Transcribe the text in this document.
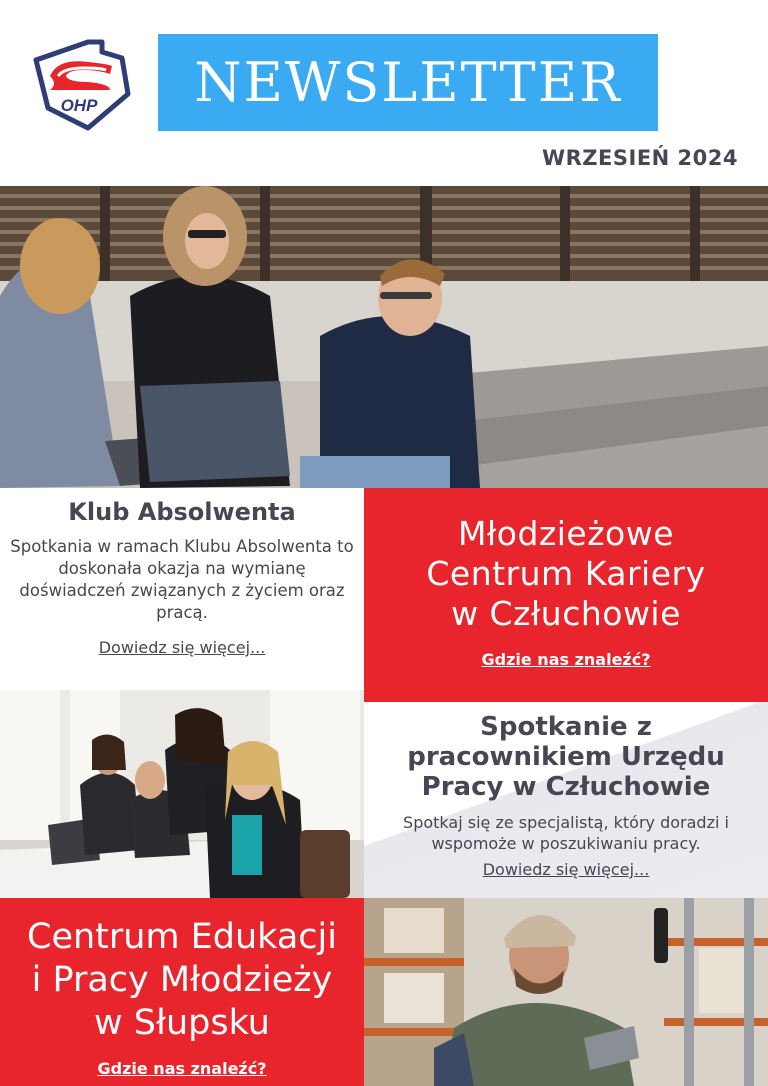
OHP NEWSLETTER
WRZESIEŃ 2024
Klub Absolwenta

Spotkania w ramach Klubu Absolwenta to doskonała okazja na wymianę doświadczeń związanych z życiem oraz pracą.

Dowiedz się więcej...
Młodzieżowe
Centrum Kariery
w Człuchowie
Gdzie nas znaleźć?
Spotkanie z
pracownikiem Urzędu
Pracy w Człuchowie

Spotkaj się ze specjalistą, który doradzi i wspomoże w poszukiwaniu pracy.

Dowiedz się więcej...
Centrum Edukacji
i Pracy Młodzieży
w Słupsku
Gdzie nas znaleźć?
